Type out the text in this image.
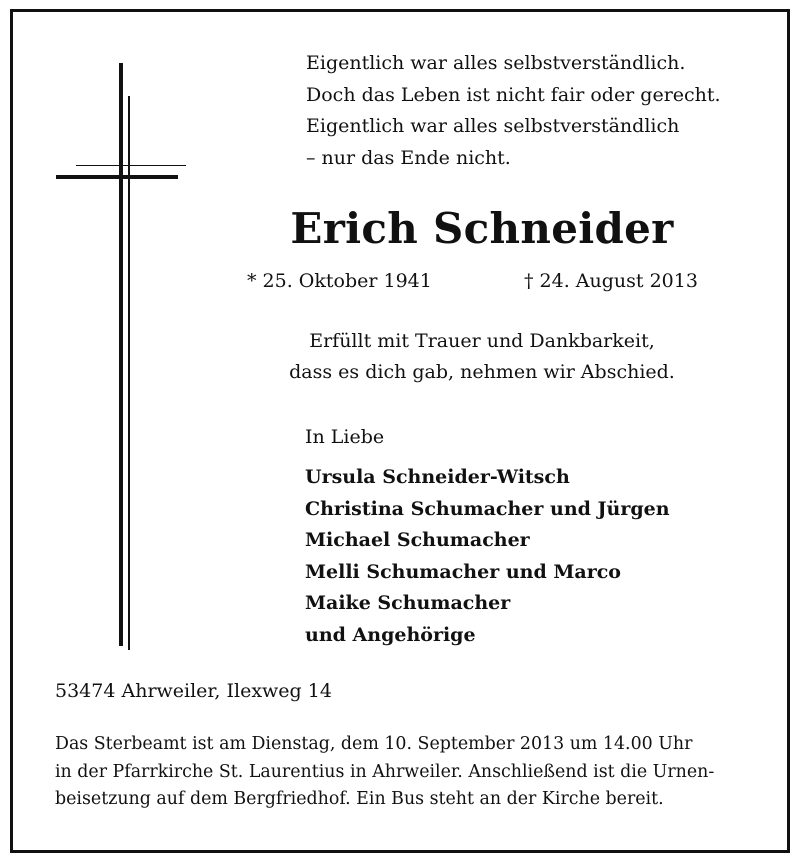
Eigentlich war alles selbstverständlich.
Doch das Leben ist nicht fair oder gerecht.
Eigentlich war alles selbstverständlich
– nur das Ende nicht.
Erich Schneider
* 25. Oktober 1941	† 24. August 2013
Erfüllt mit Trauer und Dankbarkeit,
dass es dich gab, nehmen wir Abschied.
In Liebe
Ursula Schneider-Witsch
Christina Schumacher und Jürgen
Michael Schumacher
Melli Schumacher und Marco
Maike Schumacher
und Angehörige
53474 Ahrweiler, Ilexweg 14
Das Sterbeamt ist am Dienstag, dem 10. September 2013 um 14.00 Uhr
in der Pfarrkirche St. Laurentius in Ahrweiler. Anschließend ist die Urnen-
beisetzung auf dem Bergfriedhof. Ein Bus steht an der Kirche bereit.
